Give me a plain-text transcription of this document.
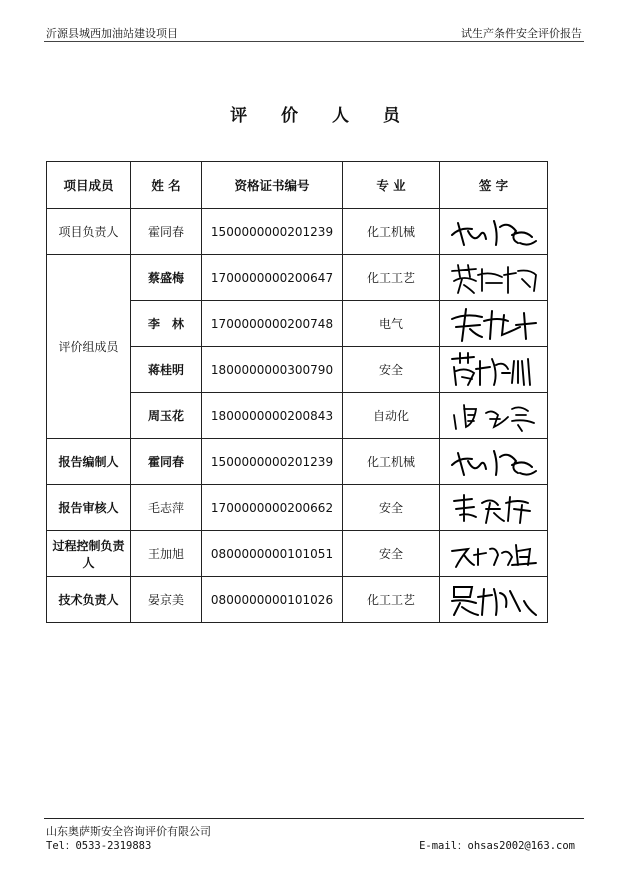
沂源县城西加油站建设项目	试生产条件安全评价报告
评 价 人 员
项目成员	姓 名	资格证书编号	专 业	签 字
项目负责人	霍同春	1500000000201239	化工机械	

评价组成员	蔡盛梅	1700000000200647	化工工艺	

	李　林	1700000000200748	电气	

	蒋桂明	1800000000300790	安全	

	周玉花	1800000000200843	自动化	

报告编制人	霍同春	1500000000201239	化工机械	

报告审核人	毛志萍	1700000000200662	安全	

过程控制负责人	王加旭	0800000000101051	安全	

技术负责人	晏京美	0800000000101026	化工工艺	
山东奥萨斯安全咨询评价有限公司
Tel：0533-2319883	E-mail：ohsas2002@163.com
